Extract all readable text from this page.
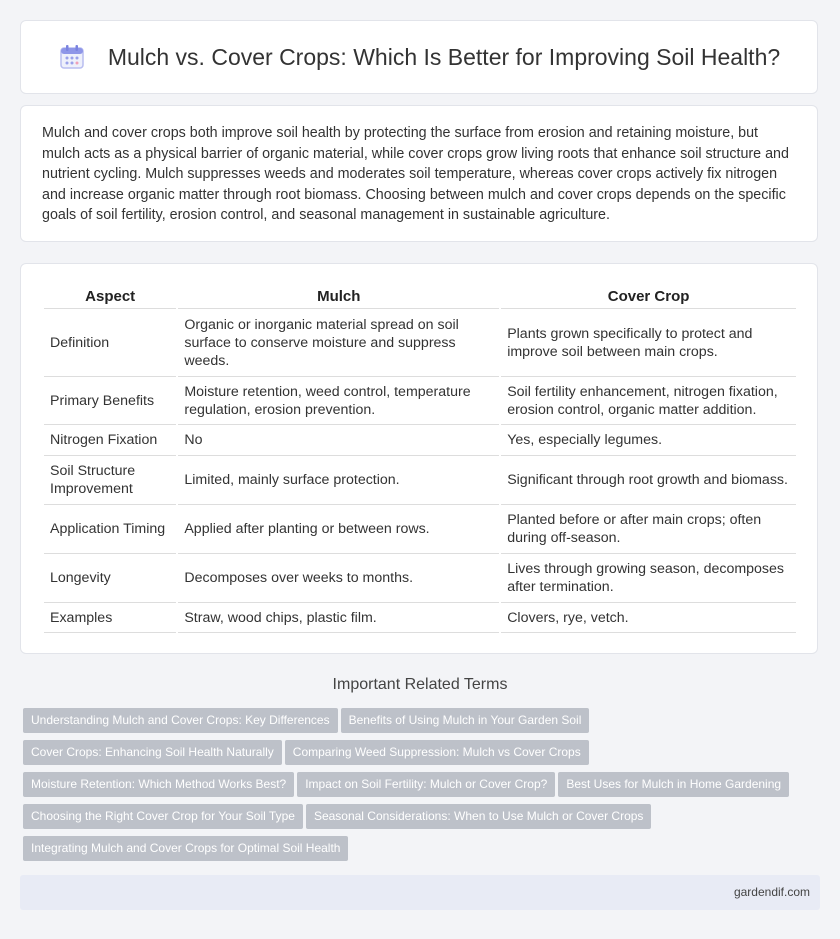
Mulch vs. Cover Crops: Which Is Better for Improving Soil Health?

Mulch and cover crops both improve soil health by protecting the surface from erosion and retaining moisture, but mulch acts as a physical barrier of organic material, while cover crops grow living roots that enhance soil structure and nutrient cycling. Mulch suppresses weeds and moderates soil temperature, whereas cover crops actively fix nitrogen and increase organic matter through root biomass. Choosing between mulch and cover crops depends on the specific goals of soil fertility, erosion control, and seasonal management in sustainable agriculture.

Aspect	Mulch	Cover Crop
Definition	Organic or inorganic material spread on soil surface to conserve moisture and suppress weeds.	Plants grown specifically to protect and improve soil between main crops.
Primary Benefits	Moisture retention, weed control, temperature regulation, erosion prevention.	Soil fertility enhancement, nitrogen fixation, erosion control, organic matter addition.
Nitrogen Fixation	No	Yes, especially legumes.
Soil Structure Improvement	Limited, mainly surface protection.	Significant through root growth and biomass.
Application Timing	Applied after planting or between rows.	Planted before or after main crops; often during off-season.
Longevity	Decomposes over weeks to months.	Lives through growing season, decomposes after termination.
Examples	Straw, wood chips, plastic film.	Clovers, rye, vetch.
Important Related Terms
Understanding Mulch and Cover Crops: Key Differences Benefits of Using Mulch in Your Garden Soil
Cover Crops: Enhancing Soil Health Naturally Comparing Weed Suppression: Mulch vs Cover Crops
Moisture Retention: Which Method Works Best? Impact on Soil Fertility: Mulch or Cover Crop? Best Uses for Mulch in Home Gardening
Choosing the Right Cover Crop for Your Soil Type Seasonal Considerations: When to Use Mulch or Cover Crops
Integrating Mulch and Cover Crops for Optimal Soil Health
gardendif.com
